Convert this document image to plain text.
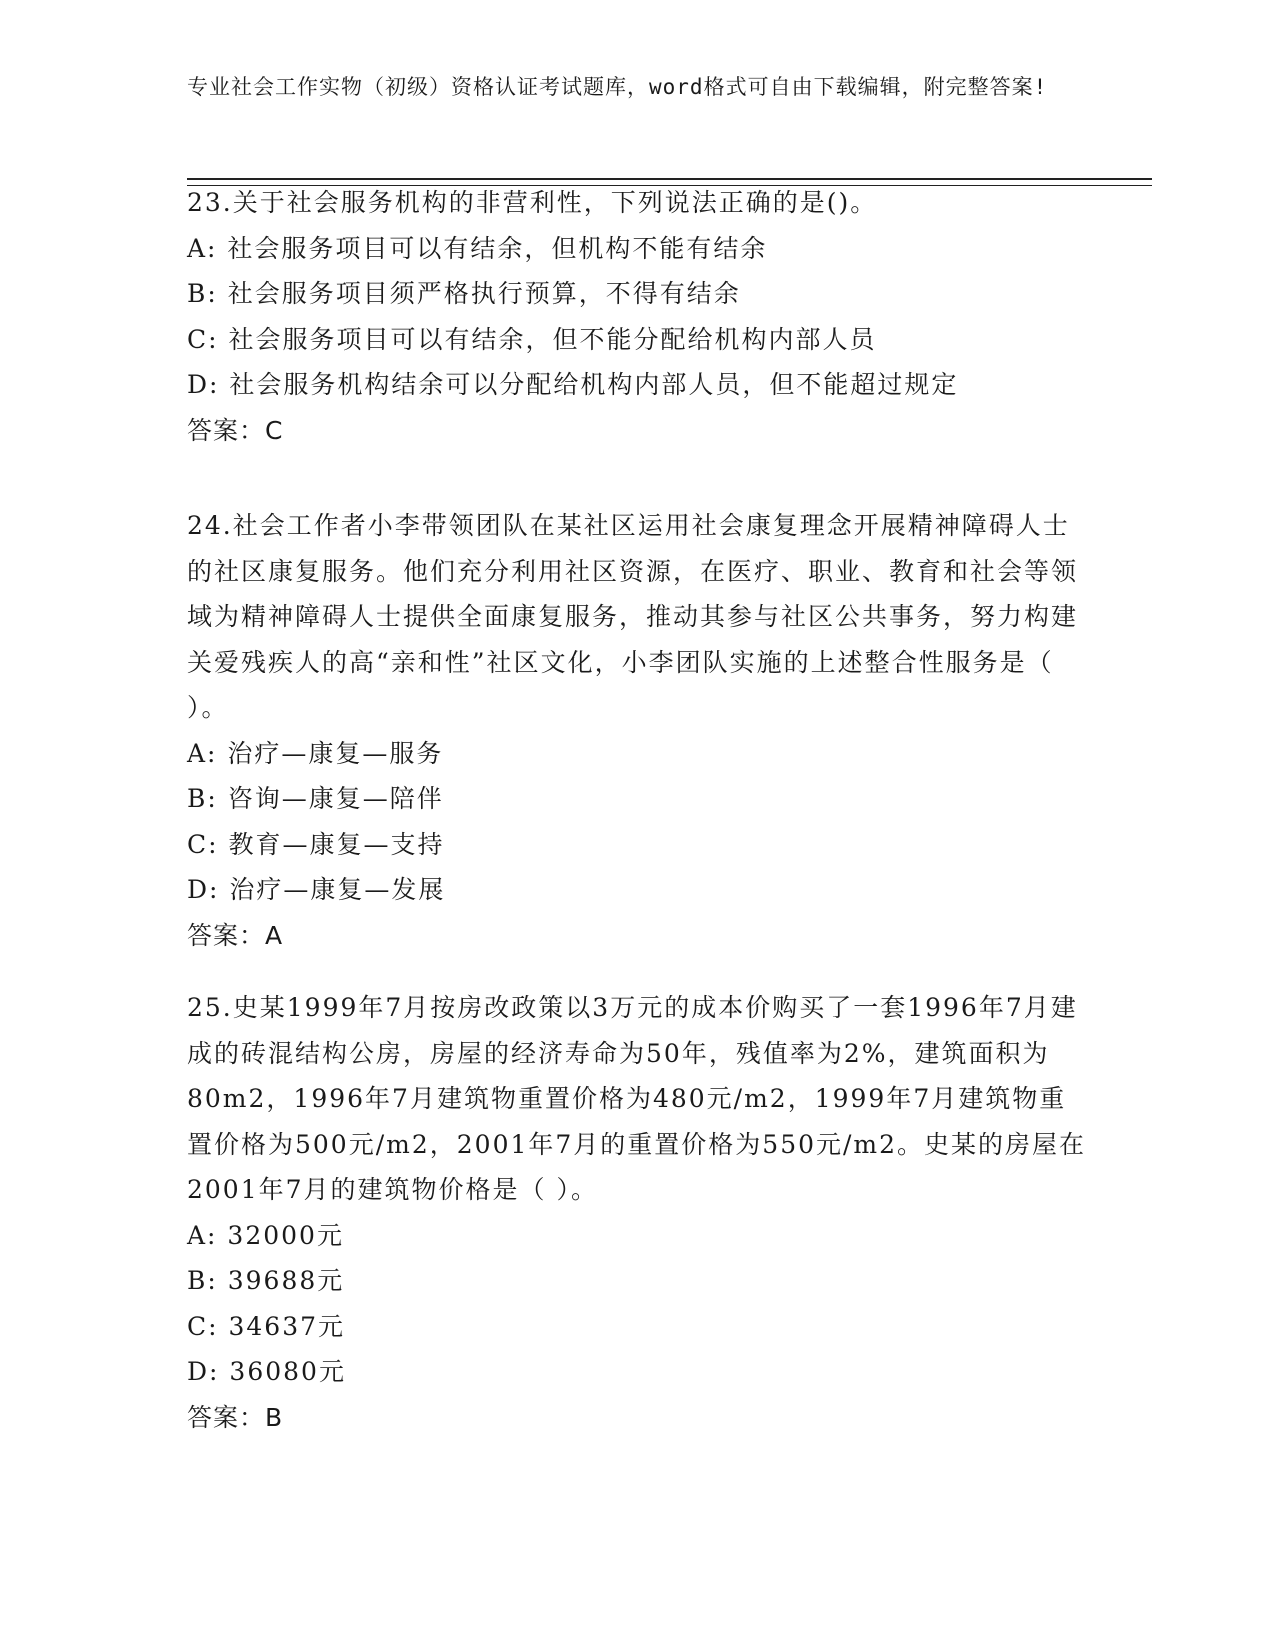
专业社会工作实物（初级）资格认证考试题库，word格式可自由下载编辑，附完整答案!

23.关于社会服务机构的非营利性，下列说法正确的是()。
A: 社会服务项目可以有结余，但机构不能有结余
B: 社会服务项目须严格执行预算，不得有结余
C: 社会服务项目可以有结余，但不能分配给机构内部人员
D: 社会服务机构结余可以分配给机构内部人员，但不能超过规定
答案：C
24.社会工作者小李带领团队在某社区运用社会康复理念开展精神障碍人士的社区康复服务。他们充分利用社区资源，在医疗、职业、教育和社会等领域为精神障碍人士提供全面康复服务，推动其参与社区公共事务，努力构建关爱残疾人的高“亲和性”社区文化，小李团队实施的上述整合性服务是（ ）。
A: 治疗—康复—服务
B: 咨询—康复—陪伴
C: 教育—康复—支持
D: 治疗—康复—发展
答案：A
25.史某1999年7月按房改政策以3万元的成本价购买了一套1996年7月建成的砖混结构公房，房屋的经济寿命为50年，残值率为2%，建筑面积为80m2，1996年7月建筑物重置价格为480元/m2，1999年7月建筑物重置价格为500元/m2，2001年7月的重置价格为550元/m2。史某的房屋在2001年7月的建筑物价格是（ ）。
A: 32000元
B: 39688元
C: 34637元
D: 36080元
答案：B
